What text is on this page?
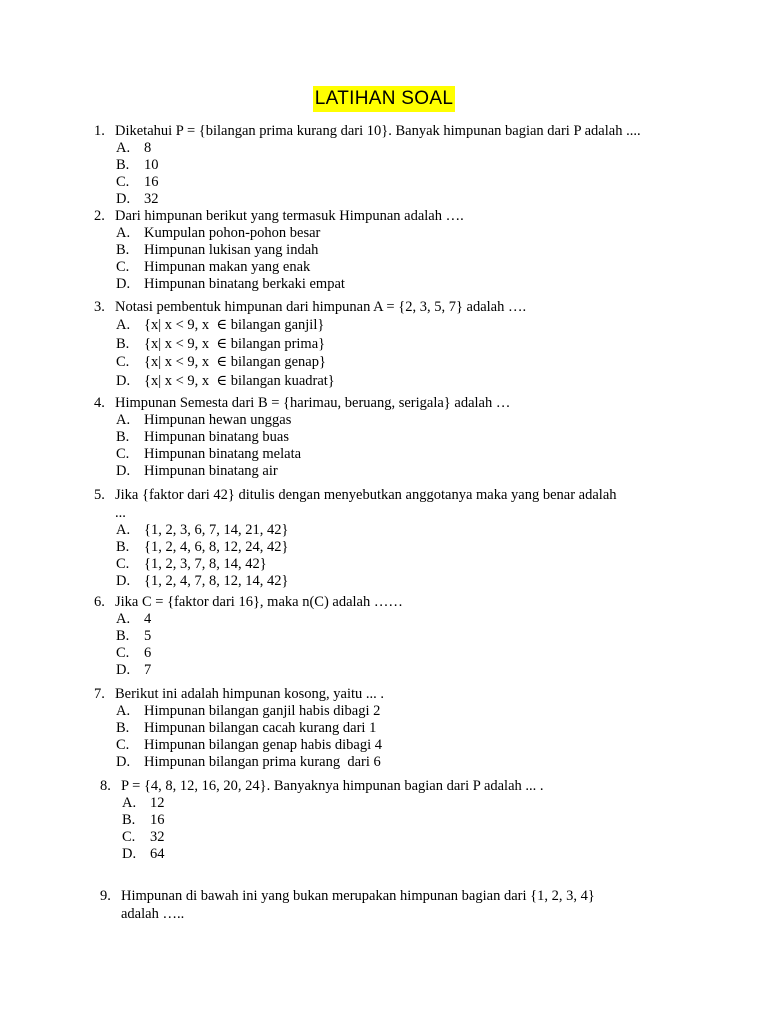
LATIHAN SOAL
1. Diketahui P = {bilangan prima kurang dari 10}. Banyak himpunan bagian dari P adalah ....
A. 8
B.	10
C.	16
D. 32
2. Dari himpunan berikut yang termasuk Himpunan adalah ….
A. Kumpulan pohon-pohon besar
B.	Himpunan lukisan yang indah
C.	Himpunan makan yang enak
D. Himpunan binatang berkaki empat
3. Notasi pembentuk himpunan dari himpunan A = {2, 3, 5, 7} adalah ….
A. {x| x < 9, x  ∈ bilangan ganjil}
B.	{x| x < 9, x  ∈ bilangan prima}
C.	{x| x < 9, x  ∈ bilangan genap}
D. {x| x < 9, x  ∈ bilangan kuadrat}
4. Himpunan Semesta dari B = {harimau, beruang, serigala} adalah …
A. Himpunan hewan unggas
B.	Himpunan binatang buas
C.	Himpunan binatang melata
D. Himpunan binatang air
5. Jika {faktor dari 42} ditulis dengan menyebutkan anggotanya maka yang benar adalah
...
A. {1, 2, 3, 6, 7, 14, 21, 42}
B.	{1, 2, 4, 6, 8, 12, 24, 42}
C.	{1, 2, 3, 7, 8, 14, 42}
D. {1, 2, 4, 7, 8, 12, 14, 42}
6. Jika C = {faktor dari 16}, maka n(C) adalah ……
A. 4
B.	5
C.	6
D. 7
7. Berikut ini adalah himpunan kosong, yaitu ... .
A. Himpunan bilangan ganjil habis dibagi 2
B.	Himpunan bilangan cacah kurang dari 1
C.	Himpunan bilangan genap habis dibagi 4
D. Himpunan bilangan prima kurang  dari 6
8. P = {4, 8, 12, 16, 20, 24}. Banyaknya himpunan bagian dari P adalah ... .
A. 12
B.	16
C.	32
D. 64
9. Himpunan di bawah ini yang bukan merupakan himpunan bagian dari {1, 2, 3, 4}
adalah …..
